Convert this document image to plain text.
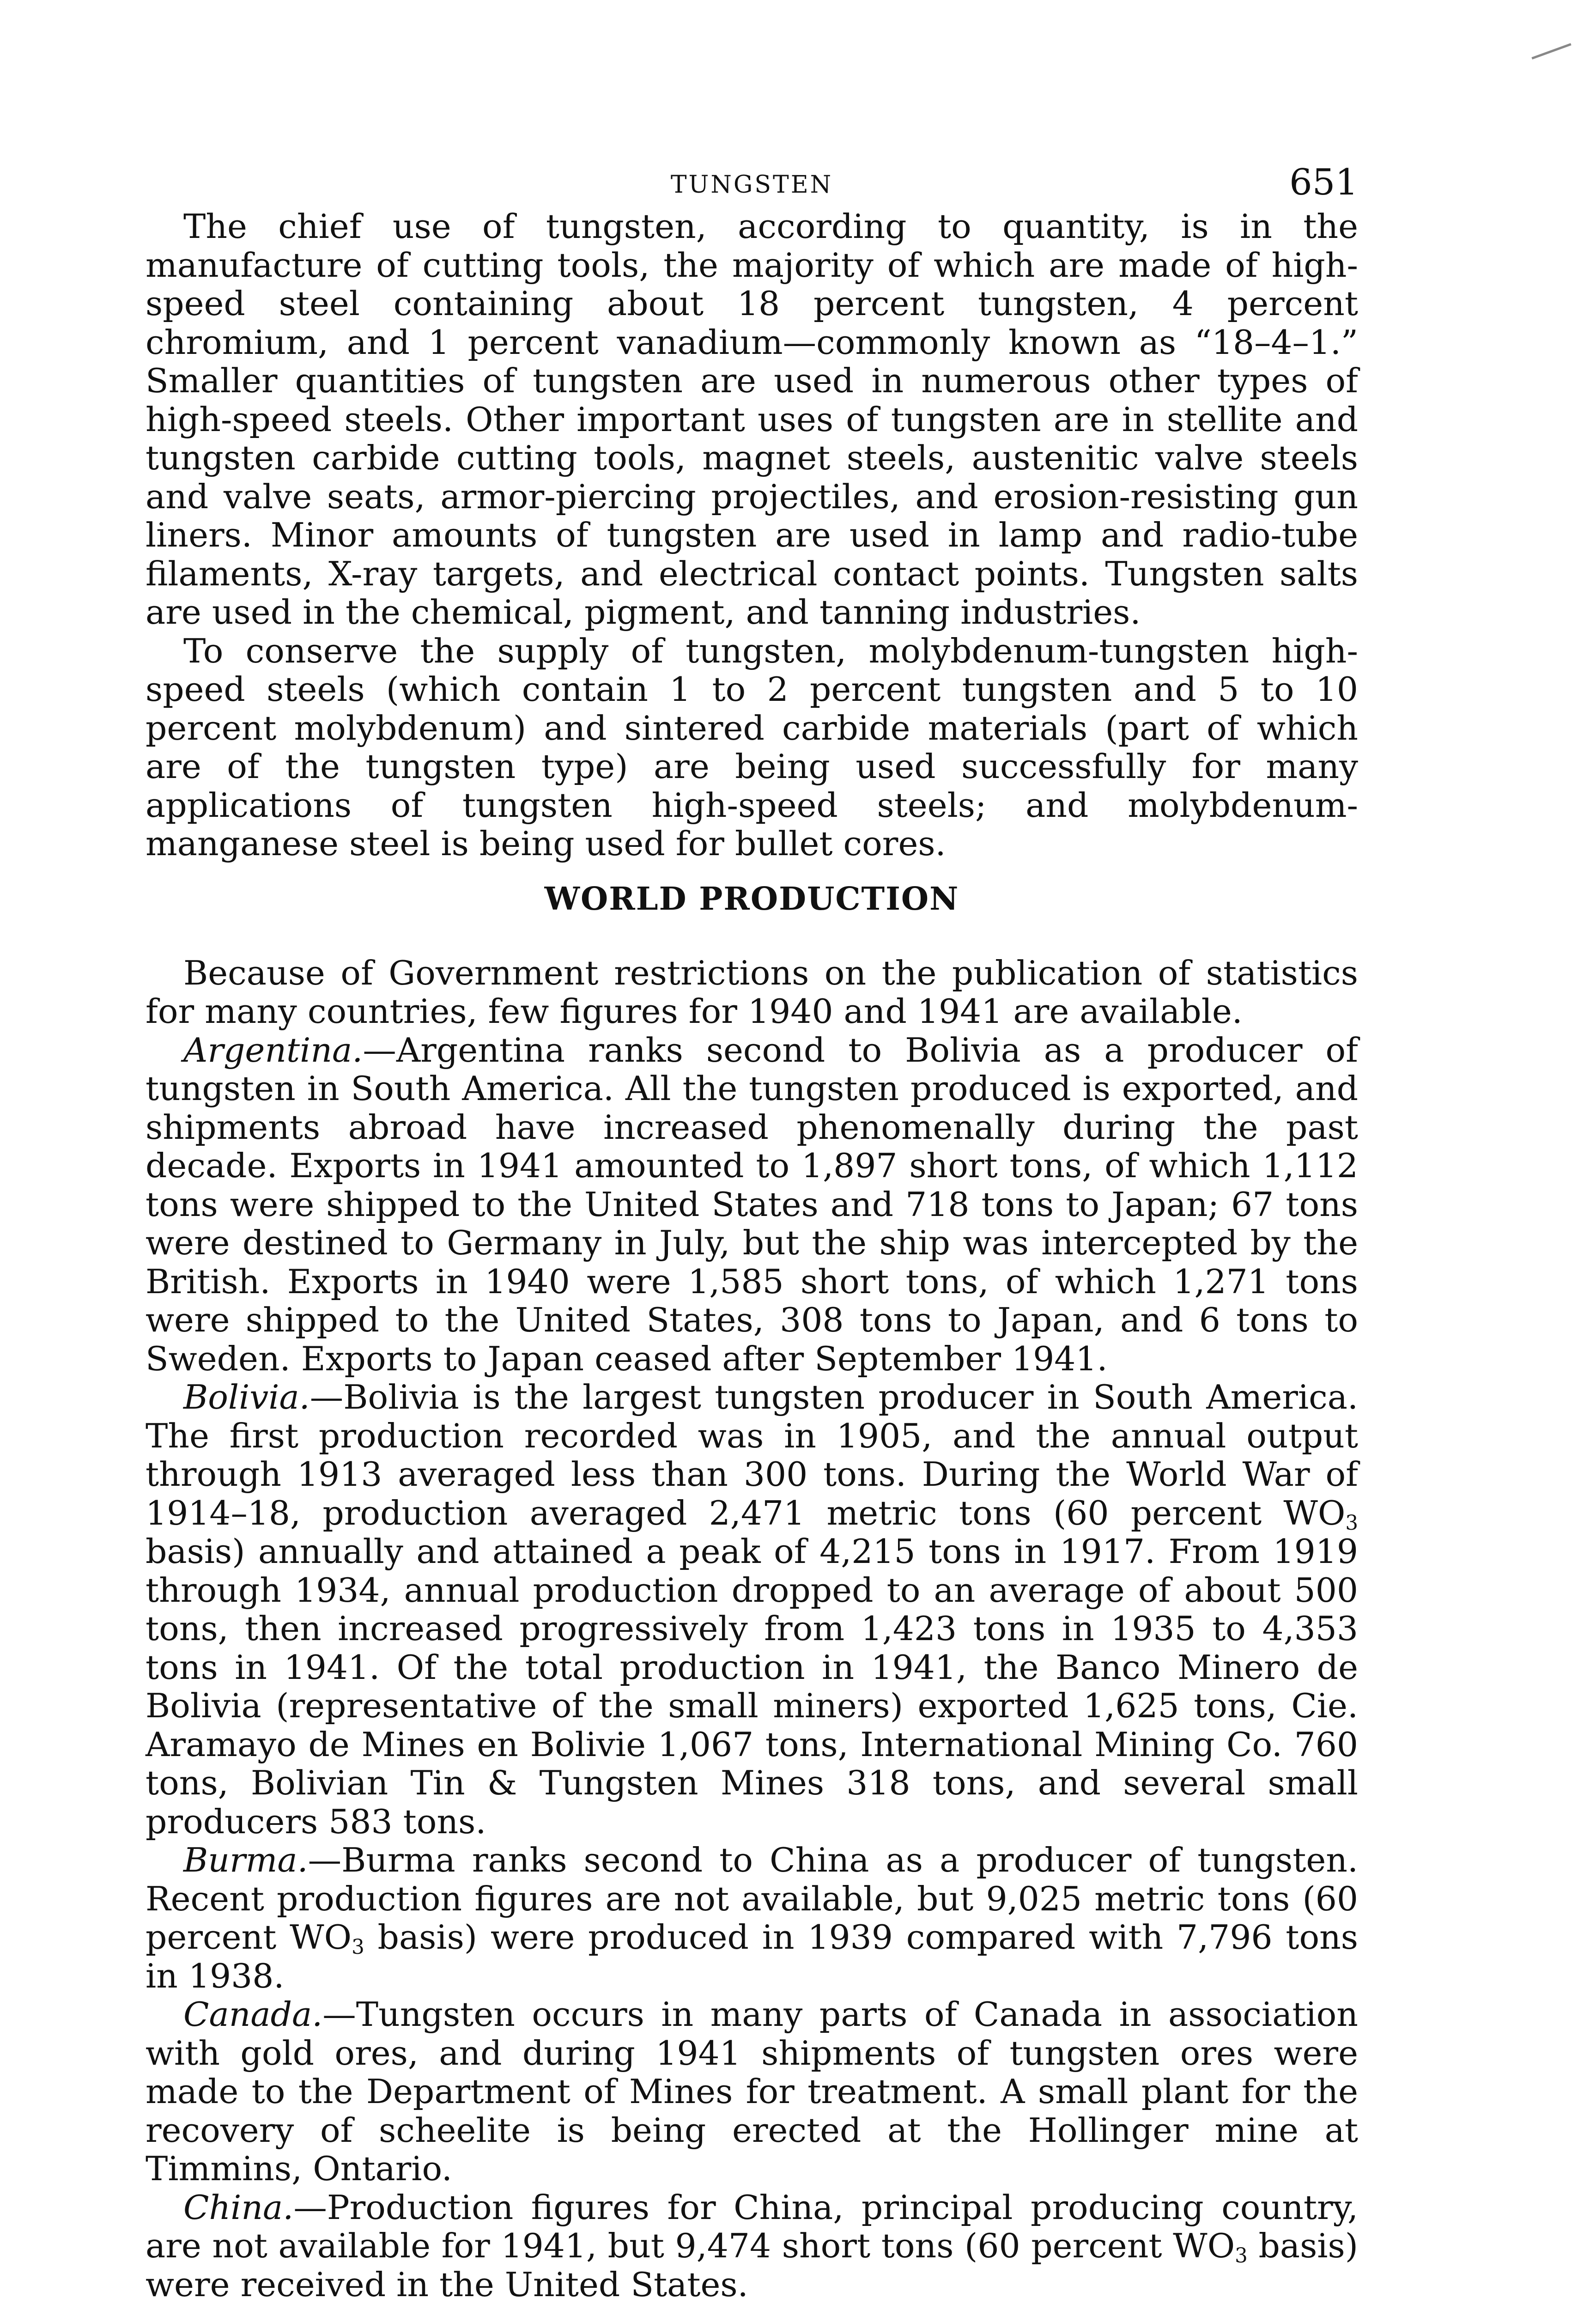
TUNGSTEN	651

The chief use of tungsten, according to quantity, is in the manufacture of cutting tools, the majority of which are made of high-speed steel containing about 18 percent tungsten, 4 percent chromium, and 1 percent vanadium—commonly known as “18–4–1.” Smaller quantities of tungsten are used in numerous other types of high-speed steels. Other important uses of tungsten are in stellite and tungsten carbide cutting tools, magnet steels, austenitic valve steels and valve seats, armor-piercing projectiles, and erosion-resisting gun liners. Minor amounts of tungsten are used in lamp and radio-tube filaments, X-ray targets, and electrical contact points. Tungsten salts are used in the chemical, pigment, and tanning industries.

To conserve the supply of tungsten, molybdenum-tungsten high-speed steels (which contain 1 to 2 percent tungsten and 5 to 10 percent molybdenum) and sintered carbide materials (part of which are of the tungsten type) are being used successfully for many applications of tungsten high-speed steels; and molybdenum-manganese steel is being used for bullet cores.

WORLD PRODUCTION

Because of Government restrictions on the publication of statistics for many countries, few figures for 1940 and 1941 are available.

Argentina.—Argentina ranks second to Bolivia as a producer of tungsten in South America. All the tungsten produced is exported, and shipments abroad have increased phenomenally during the past decade. Exports in 1941 amounted to 1,897 short tons, of which 1,112 tons were shipped to the United States and 718 tons to Japan; 67 tons were destined to Germany in July, but the ship was intercepted by the British. Exports in 1940 were 1,585 short tons, of which 1,271 tons were shipped to the United States, 308 tons to Japan, and 6 tons to Sweden. Exports to Japan ceased after September 1941.

Bolivia.—Bolivia is the largest tungsten producer in South America. The first production recorded was in 1905, and the annual output through 1913 averaged less than 300 tons. During the World War of 1914–18, production averaged 2,471 metric tons (60 percent $WO_3$ basis) annually and attained a peak of 4,215 tons in 1917. From 1919 through 1934, annual production dropped to an average of about 500 tons, then increased progressively from 1,423 tons in 1935 to 4,353 tons in 1941. Of the total production in 1941, the Banco Minero de Bolivia (representative of the small miners) exported 1,625 tons, Cie. Aramayo de Mines en Bolivie 1,067 tons, International Mining Co. 760 tons, Bolivian Tin & Tungsten Mines 318 tons, and several small producers 583 tons.

Burma.—Burma ranks second to China as a producer of tungsten. Recent production figures are not available, but 9,025 metric tons (60 percent $WO_3$ basis) were produced in 1939 compared with 7,796 tons in 1938.

Canada.—Tungsten occurs in many parts of Canada in association with gold ores, and during 1941 shipments of tungsten ores were made to the Department of Mines for treatment. A small plant for the recovery of scheelite is being erected at the Hollinger mine at Timmins, Ontario.

China.—Production figures for China, principal producing country, are not available for 1941, but 9,474 short tons (60 percent $WO_3$ basis) were received in the United States.
